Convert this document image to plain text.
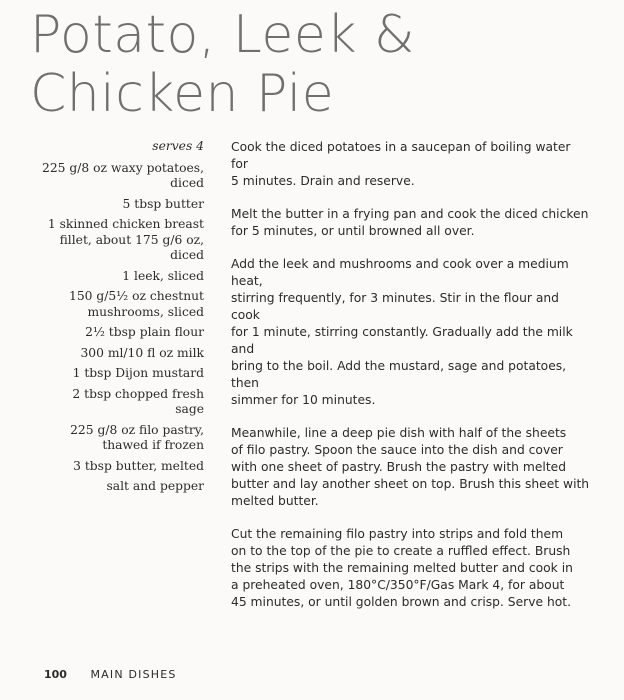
Potato, Leek &
Chicken Pie
serves 4
225 g/8 oz waxy potatoes,
diced
5 tbsp butter
1 skinned chicken breast
fillet, about 175 g/6 oz,
diced
1 leek, sliced
150 g/5½ oz chestnut
mushrooms, sliced
2½ tbsp plain flour
300 ml/10 fl oz milk
1 tbsp Dijon mustard
2 tbsp chopped fresh sage
225 g/8 oz filo pastry,
thawed if frozen
3 tbsp butter, melted
salt and pepper
Cook the diced potatoes in a saucepan of boiling water for
5 minutes. Drain and reserve.
Melt the butter in a frying pan and cook the diced chicken
for 5 minutes, or until browned all over.
Add the leek and mushrooms and cook over a medium heat,
stirring frequently, for 3 minutes. Stir in the flour and cook
for 1 minute, stirring constantly. Gradually add the milk and
bring to the boil. Add the mustard, sage and potatoes, then
simmer for 10 minutes.
Meanwhile, line a deep pie dish with half of the sheets
of filo pastry. Spoon the sauce into the dish and cover
with one sheet of pastry. Brush the pastry with melted
butter and lay another sheet on top. Brush this sheet with
melted butter.
Cut the remaining filo pastry into strips and fold them
on to the top of the pie to create a ruffled effect. Brush
the strips with the remaining melted butter and cook in
a preheated oven, 180°C/350°F/Gas Mark 4, for about
45 minutes, or until golden brown and crisp. Serve hot.
100 MAIN DISHES
